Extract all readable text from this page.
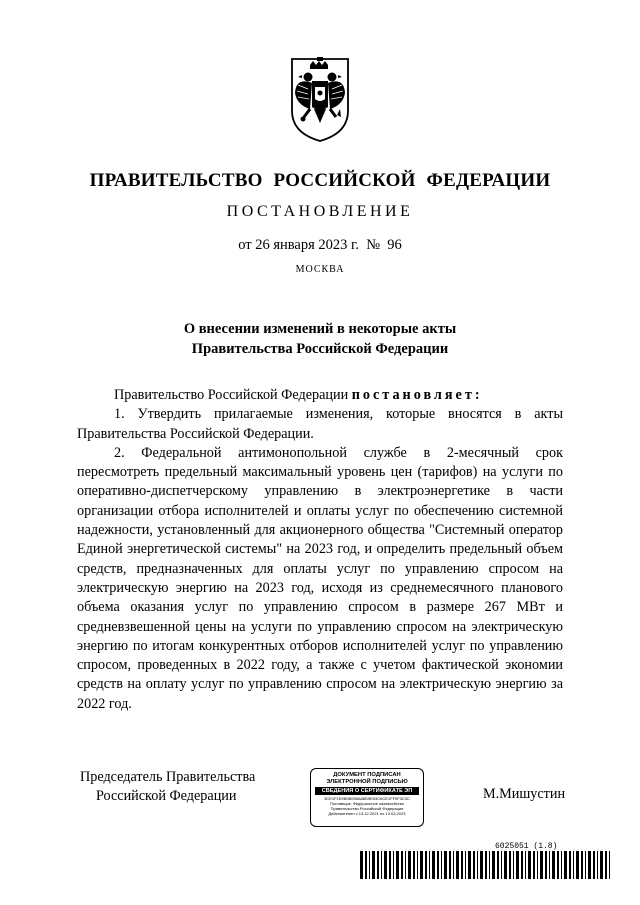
ПРАВИТЕЛЬСТВО РОССИЙСКОЙ ФЕДЕРАЦИИ
ПОСТАНОВЛЕНИЕ
от 26 января 2023 г.  №  96
МОСКВА
О внесении изменений в некоторые акты
Правительства Российской Федерации

Правительство Российской Федерации постановляет:

1. Утвердить прилагаемые изменения, которые вносятся в акты Правительства Российской Федерации.

2. Федеральной антимонопольной службе в 2-месячный срок пересмотреть предельный максимальный уровень цен (тарифов) на услуги по оперативно-диспетчерскому управлению в электроэнергетике в части организации отбора исполнителей и оплаты услуг по обеспечению системной надежности, установленный для акционерного общества "Системный оператор Единой энергетической системы" на 2023 год, и определить предельный объем средств, предназначенных для оплаты услуг по управлению спросом на электрическую энергию на 2023 год, исходя из среднемесячного планового объема оказания услуг по управлению спросом в размере 267 МВт и средневзвешенной цены на услуги по управлению спросом на электрическую энергию по итогам конкурентных отборов исполнителей услуг по управлению спросом, проведенных в 2022 году, а также с учетом фактической экономии средств на оплату услуг по управлению спросом на электрическую энергию за 2022 год.

Председатель Правительства
Российской Федерации
ДОКУМЕНТ ПОДПИСАН
ЭЛЕКТРОННОЙ ПОДПИСЬЮ
СВЕДЕНИЯ О СЕРТИФИКАТЕ ЭП
3CE1F1E9B0B096A88D9E53C6CE1FF0F3C3C
Поставщик: Федеральное казначейство
Правительство Российской Федерации
Действителен с 13.12.2021 по 13.03.2023
М.Мишустин
6025051 (1.8)
